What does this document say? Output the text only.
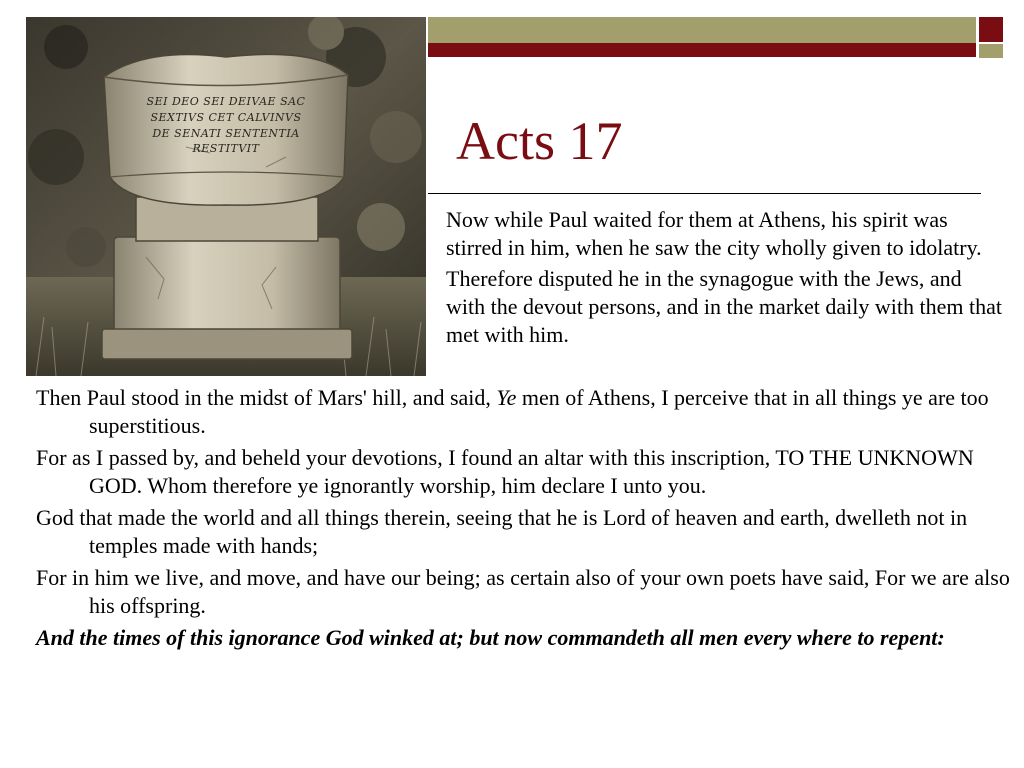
SEI DEO SEI DEIVAE SAC
SEXTIVS CET CALVINVS
DE SENATI SENTENTIA
RESTITVIT	Acts 17

Now while Paul waited for them at Athens, his spirit was stirred in him, when he saw the city wholly given to idolatry.

Therefore disputed he in the synagogue with the Jews, and with the devout persons, and in the market daily with them that met with him.

Then Paul stood in the midst of Mars' hill, and said, Ye men of Athens, I perceive that in all things ye are too superstitious.

For as I passed by, and beheld your devotions, I found an altar with this inscription, TO THE UNKNOWN GOD. Whom therefore ye ignorantly worship, him declare I unto you.

God that made the world and all things therein, seeing that he is Lord of heaven and earth, dwelleth not in temples made with hands;

For in him we live, and move, and have our being; as certain also of your own poets have said, For we are also his offspring.

And the times of this ignorance God winked at; but now commandeth all men every where to repent:
